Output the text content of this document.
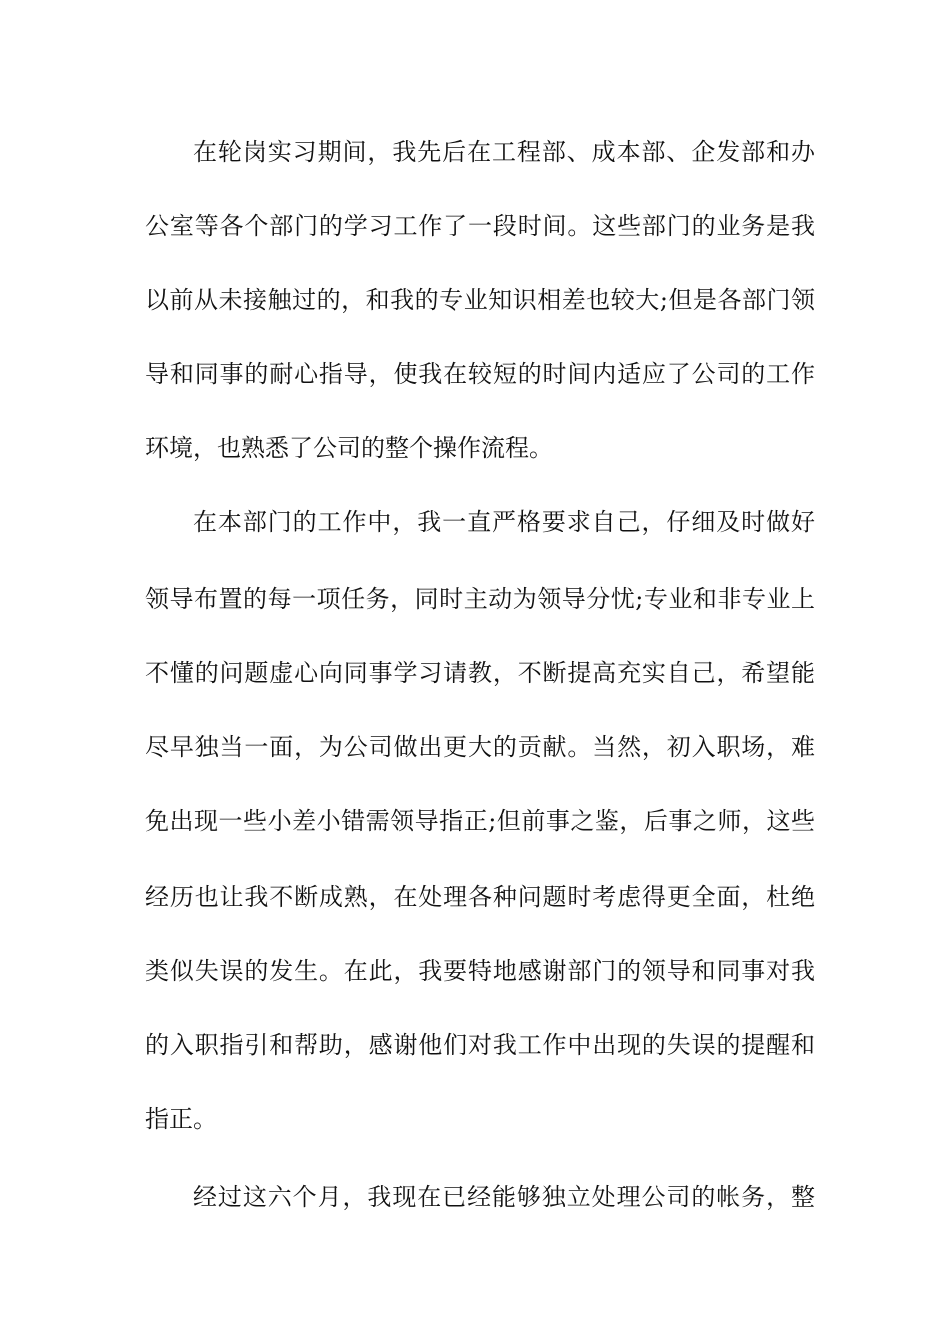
在轮岗实习期间，我先后在工程部、成本部、企发部和办
公室等各个部门的学习工作了一段时间。这些部门的业务是我
以前从未接触过的，和我的专业知识相差也较大;但是各部门领
导和同事的耐心指导，使我在较短的时间内适应了公司的工作
环境，也熟悉了公司的整个操作流程。
在本部门的工作中，我一直严格要求自己，仔细及时做好
领导布置的每一项任务，同时主动为领导分忧;专业和非专业上
不懂的问题虚心向同事学习请教，不断提高充实自己，希望能
尽早独当一面，为公司做出更大的贡献。当然，初入职场，难
免出现一些小差小错需领导指正;但前事之鉴，后事之师，这些
经历也让我不断成熟，在处理各种问题时考虑得更全面，杜绝
类似失误的发生。在此，我要特地感谢部门的领导和同事对我
的入职指引和帮助，感谢他们对我工作中出现的失误的提醒和
指正。
经过这六个月，我现在已经能够独立处理公司的帐务，整
